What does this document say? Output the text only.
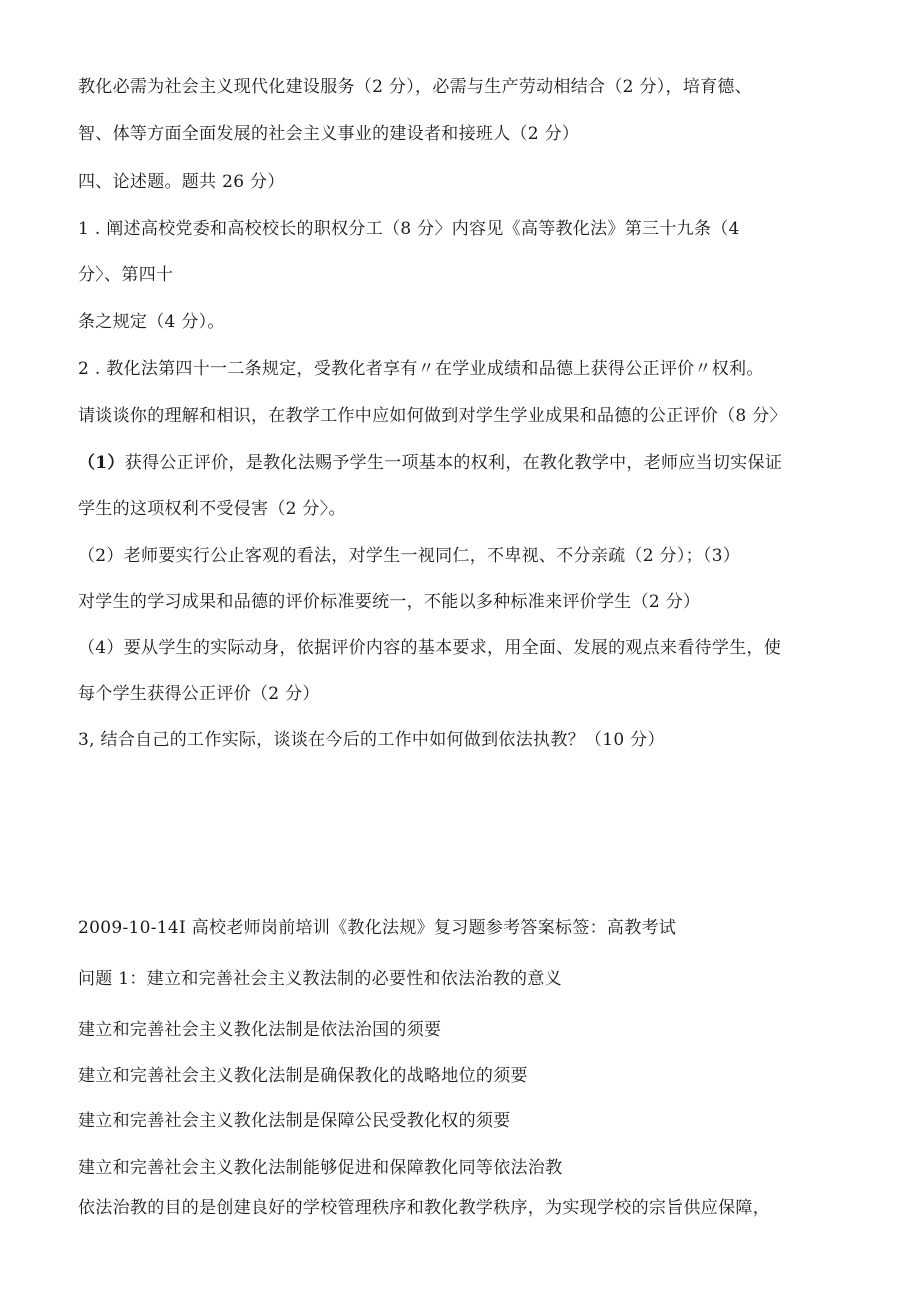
教化必需为社会主义现代化建设服务（2 分），必需与生产劳动相结合（2 分），培育德、
智、体等方面全面发展的社会主义事业的建设者和接班人（2 分）
四、论述题。题共 26 分）
1 . 阐述高校党委和高校校长的职权分工（8 分〉内容见《高等教化法》第三十九条（4
分〉、第四十
条之规定（4 分）。
2 . 教化法第四十一二条规定，受教化者享有〃在学业成绩和品德上获得公正评价〃权利。
请谈谈你的理解和相识，在教学工作中应如何做到对学生学业成果和品德的公正评价（8 分〉
（1）获得公正评价，是教化法赐予学生一项基本的权利，在教化教学中，老师应当切实保证
学生的这项权利不受侵害（2 分〉。
（2）老师要实行公止客观的看法，对学生一视同仁，不卑视、不分亲疏（2 分）；（3）
对学生的学习成果和品德的评价标准要统一，不能以多种标准来评价学生（2 分）
（4）要从学生的实际动身，依据评价内容的基本要求，用全面、发展的观点来看待学生，使
每个学生获得公正评价（2 分）
3, 结合自己的工作实际，谈谈在今后的工作中如何做到依法执教？（10 分）
2009-10-14I 高校老师岗前培训《教化法规》复习题参考答案标签：高教考试
问题 1：建立和完善社会主义教法制的必要性和依法治教的意义
建立和完善社会主义教化法制是依法治国的须要
建立和完善社会主义教化法制是确保教化的战略地位的须要
建立和完善社会主义教化法制是保障公民受教化权的须要
建立和完善社会主义教化法制能够促进和保障教化同等依法治教
依法治教的目的是创建良好的学校管理秩序和教化教学秩序，为实现学校的宗旨供应保障，
